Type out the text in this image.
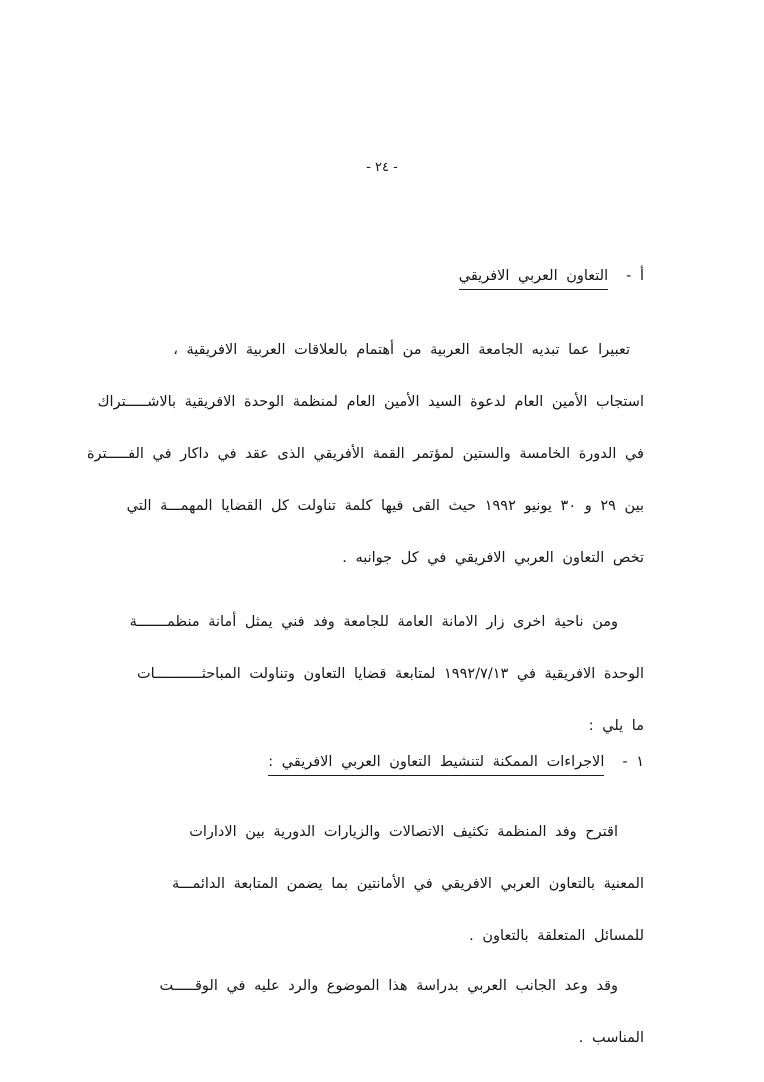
- ٢٤ -
أ -التعاون العربي الافريقي
تعبيرا عما تبديه الجامعة العربية من أهتمام بالعلاقات العربية الافريقية ،
استجاب الأمين العام لدعوة السيد الأمين العام لمنظمة الوحدة الافريقية بالاشـــــتراك
في الدورة الخامسة والستين لمؤتمر القمة الأفريقي الذى عقد في داكار في الفـــــترة
بين ٢٩ و ٣٠ يونيو ١٩٩٢ حيث القى فيها كلمة تناولت كل القضايا المهمـــة التي
تخص التعاون العربي الافريقي في كل جوانبه .
ومن ناحية اخرى زار الامانة العامة للجامعة وفد فني يمثل أمانة منظمـــــــة
الوحدة الافريقية في ١٩٩٢/٧/١٣ لمتابعة قضايا التعاون وتناولت المباحثـــــــــــات
ما يلي :
١ -الاجراءات الممكنة لتنشيط التعاون العربي الافريقي :
اقترح وفد المنظمة تكثيف الاتصالات والزيارات الدورية بين الادارات
المعنية بالتعاون العربي الافريقي في الأمانتين بما يضمن المتابعة الدائمـــة
للمسائل المتعلقة بالتعاون .
وقد وعد الجانب العربي بدراسة هذا الموضوع والرد عليه في الوقـــــت
المناسب .
